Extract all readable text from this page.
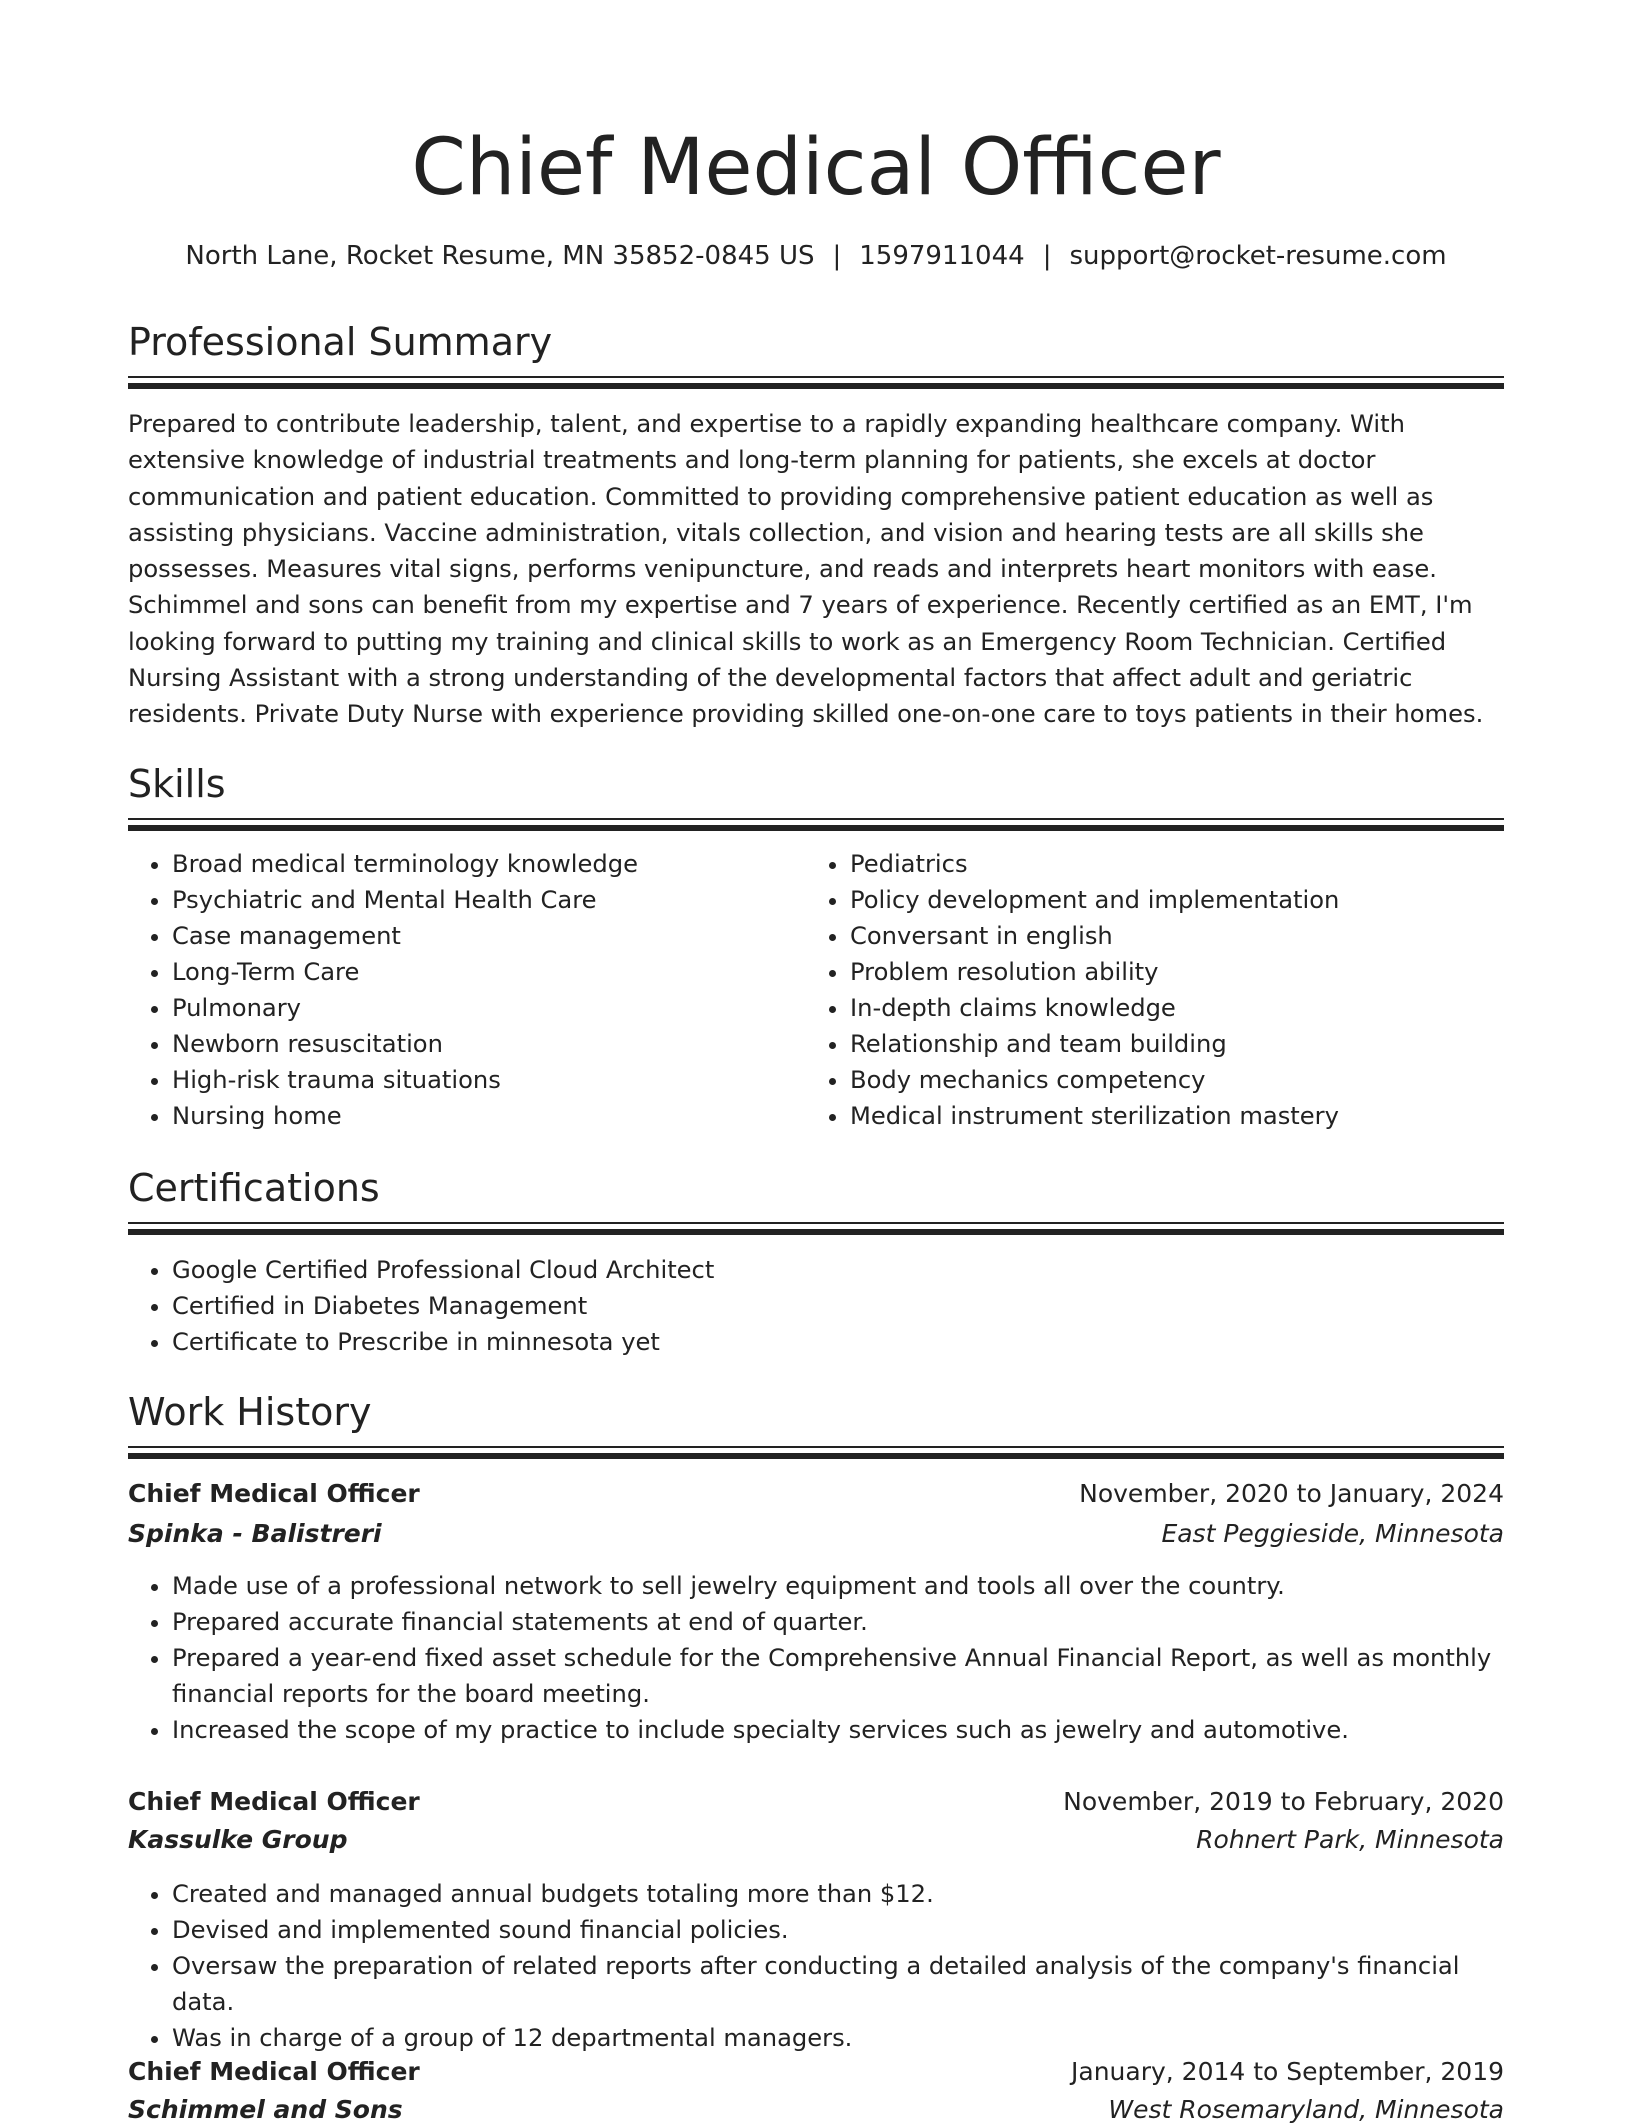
Chief Medical Officer
North Lane, Rocket Resume, MN 35852-0845 US | 1597911044 | support@rocket-resume.com
Professional Summary
Prepared to contribute leadership, talent, and expertise to a rapidly expanding healthcare company. With extensive knowledge of industrial treatments and long-term planning for patients, she excels at doctor communication and patient education. Committed to providing comprehensive patient education as well as assisting physicians. Vaccine administration, vitals collection, and vision and hearing tests are all skills she possesses. Measures vital signs, performs venipuncture, and reads and interprets heart monitors with ease. Schimmel and sons can benefit from my expertise and 7 years of experience. Recently certified as an EMT, I'm looking forward to putting my training and clinical skills to work as an Emergency Room Technician. Certified Nursing Assistant with a strong understanding of the developmental factors that affect adult and geriatric residents. Private Duty Nurse with experience providing skilled one-on-one care to toys patients in their homes.
Skills
• Broad medical terminology knowledge
• Psychiatric and Mental Health Care
• Case management
• Long-Term Care
• Pulmonary
• Newborn resuscitation
• High-risk trauma situations
• Nursing home
• Pediatrics
• Policy development and implementation
• Conversant in english
• Problem resolution ability
• In-depth claims knowledge
• Relationship and team building
• Body mechanics competency
• Medical instrument sterilization mastery
Certifications
• Google Certified Professional Cloud Architect
• Certified in Diabetes Management
• Certificate to Prescribe in minnesota yet
Work History
Chief Medical Officer	November, 2020 to January, 2024
Spinka - Balistreri	East Peggieside, Minnesota
• Made use of a professional network to sell jewelry equipment and tools all over the country.
• Prepared accurate financial statements at end of quarter.
• Prepared a year-end fixed asset schedule for the Comprehensive Annual Financial Report, as well as monthly financial reports for the board meeting.
• Increased the scope of my practice to include specialty services such as jewelry and automotive.
Chief Medical Officer	November, 2019 to February, 2020
Kassulke Group	Rohnert Park, Minnesota
• Created and managed annual budgets totaling more than $12.
• Devised and implemented sound financial policies.
• Oversaw the preparation of related reports after conducting a detailed analysis of the company's financial data.
• Was in charge of a group of 12 departmental managers.
Chief Medical Officer	January, 2014 to September, 2019
Schimmel and Sons	West Rosemaryland, Minnesota
